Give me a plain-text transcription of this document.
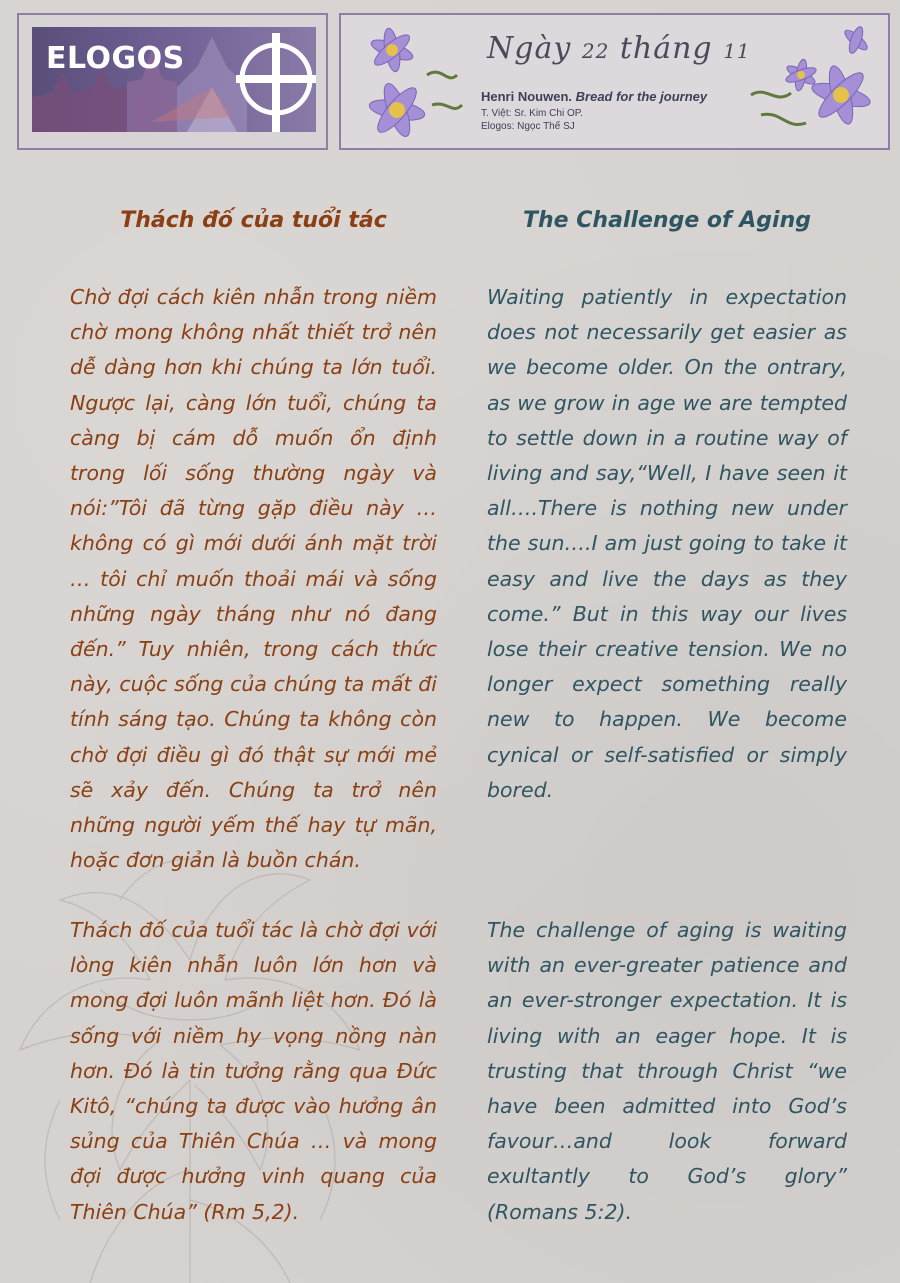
ELOGOS	Ngày 22 tháng 11
Henri Nouwen. Bread for the journey
T. Việt: Sr. Kim Chi OP.
Elogos: Ngọc Thế SJ
Thách đố của tuổi tác	The Challenge of Aging

Chờ đợi cách kiên nhẫn trong niềm chờ mong không nhất thiết trở nên dễ dàng hơn khi chúng ta lớn tuổi. Ngược lại, càng lớn tuổi, chúng ta càng bị cám dỗ muốn ổn định trong lối sống thường ngày và nói:”Tôi đã từng gặp điều này … không có gì mới dưới ánh mặt trời … tôi chỉ muốn thoải mái và sống những ngày tháng như nó đang đến.” Tuy nhiên, trong cách thức này, cuộc sống của chúng ta mất đi tính sáng tạo. Chúng ta không còn chờ đợi điều gì đó thật sự mới mẻ sẽ xảy đến. Chúng ta trở nên những người yếm thế hay tự mãn, hoặc đơn giản là buồn chán.

Waiting patiently in expectation does not necessarily get easier as we become older. On the ontrary, as we grow in age we are tempted to settle down in a routine way of living and say,“Well, I have seen it all….There is nothing new under the sun….I am just going to take it easy and live the days as they come.” But in this way our lives lose their creative tension. We no longer expect something really new to happen. We become cynical or self-satisfied or simply bored.

Thách đố của tuổi tác là chờ đợi với lòng kiên nhẫn luôn lớn hơn và mong đợi luôn mãnh liệt hơn. Đó là sống với niềm hy vọng nồng nàn hơn. Đó là tin tưởng rằng qua Đức Kitô, “chúng ta được vào hưởng ân sủng của Thiên Chúa … và mong đợi được hưởng vinh quang của Thiên Chúa” (Rm 5,2).

The challenge of aging is waiting with an ever-greater patience and an ever-stronger expectation. It is living with an eager hope. It is trusting that through Christ “we have been admitted into God’s favour…and look forward exultantly to God’s glory” (Romans 5:2).
